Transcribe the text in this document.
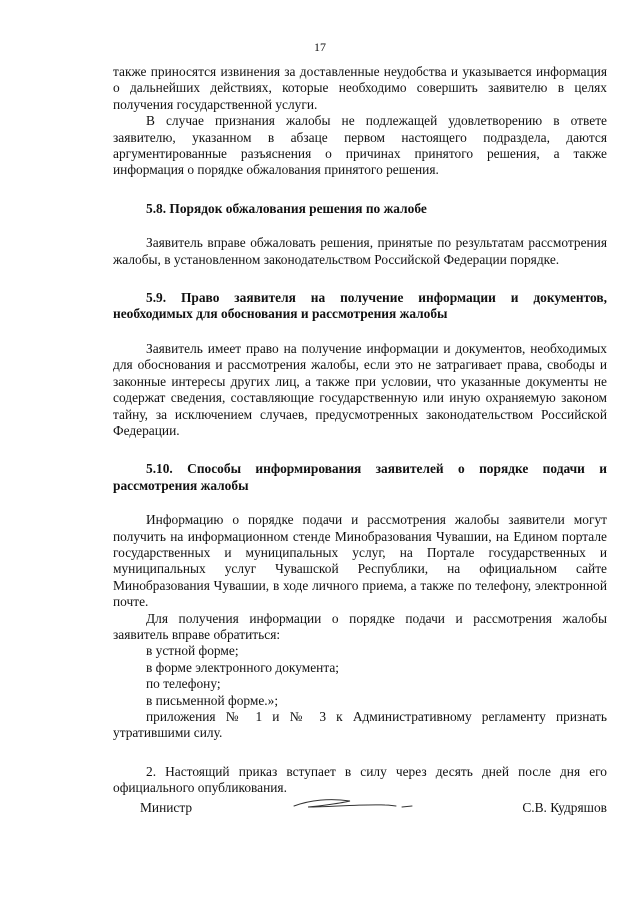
17

также приносятся извинения за доставленные неудобства и указывается информация о дальнейших действиях, которые необходимо совершить заявителю в целях получения государственной услуги.

В случае признания жалобы не подлежащей удовлетворению в ответе заявителю, указанном в абзаце первом настоящего подраздела, даются аргументированные разъяснения о причинах принятого решения, а также информация о порядке обжалования принятого решения.

5.8. Порядок обжалования решения по жалобе

Заявитель вправе обжаловать решения, принятые по результатам рассмотрения жалобы, в установленном законодательством Российской Федерации порядке.

5.9. Право заявителя на получение информации и документов, необходимых для обоснования и рассмотрения жалобы

Заявитель имеет право на получение информации и документов, необходимых для обоснования и рассмотрения жалобы, если это не затрагивает права, свободы и законные интересы других лиц, а также при условии, что указанные документы не содержат сведения, составляющие государственную или иную охраняемую законом тайну, за исключением случаев, предусмотренных законодательством Российской Федерации.

5.10. Способы информирования заявителей о порядке подачи и рассмотрения жалобы

Информацию о порядке подачи и рассмотрения жалобы заявители могут получить на информационном стенде Минобразования Чувашии, на Едином портале государственных и муниципальных услуг, на Портале государственных и муниципальных услуг Чувашской Республики, на официальном сайте Минобразования Чувашии, в ходе личного приема, а также по телефону, электронной почте.

Для получения информации о порядке подачи и рассмотрения жалобы заявитель вправе обратиться:

в устной форме;

в форме электронного документа;

по телефону;

в письменной форме.»;

приложения № 1 и № 3 к Административному регламенту признать утратившими силу.

2. Настоящий приказ вступает в силу через десять дней после дня его официального опубликования.

Министр	С.В. Кудряшов
